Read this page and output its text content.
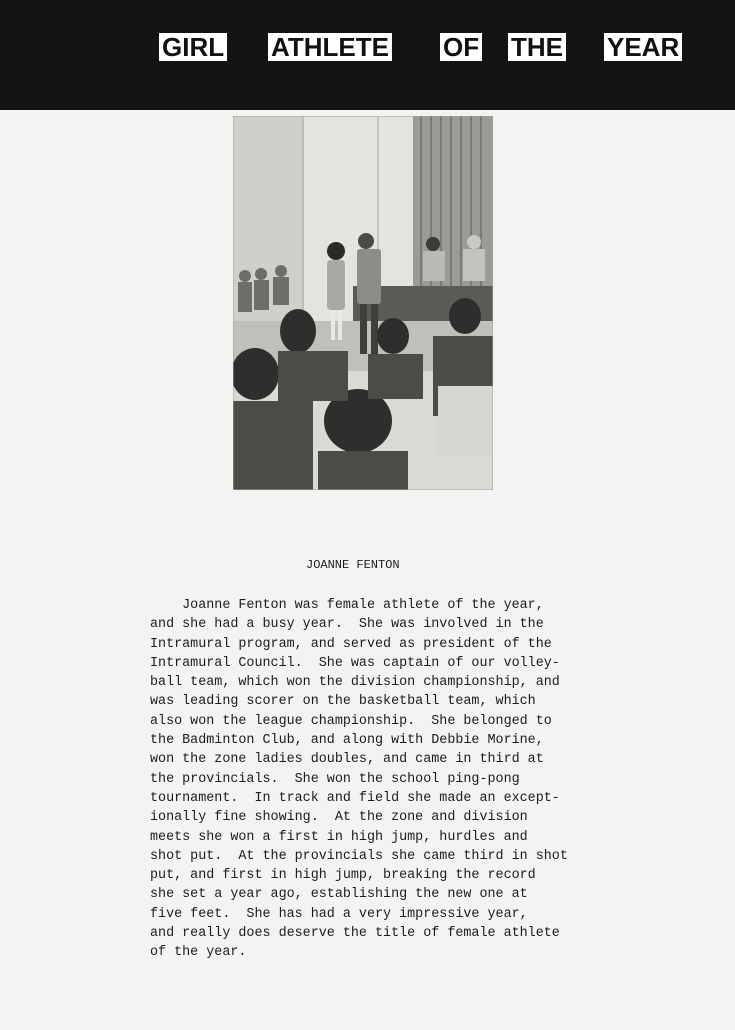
GIRL ATHLETE OF THE YEAR
JOANNE FENTON
Joanne Fenton was female athlete of the year,
and she had a busy year.  She was involved in the
Intramural program, and served as president of the
Intramural Council.  She was captain of our volley-
ball team, which won the division championship, and
was leading scorer on the basketball team, which
also won the league championship.  She belonged to
the Badminton Club, and along with Debbie Morine,
won the zone ladies doubles, and came in third at
the provincials.  She won the school ping-pong
tournament.  In track and field she made an except-
ionally fine showing.  At the zone and division
meets she won a first in high jump, hurdles and
shot put.  At the provincials she came third in shot
put, and first in high jump, breaking the record
she set a year ago, establishing the new one at
five feet.  She has had a very impressive year,
and really does deserve the title of female athlete
of the year.
